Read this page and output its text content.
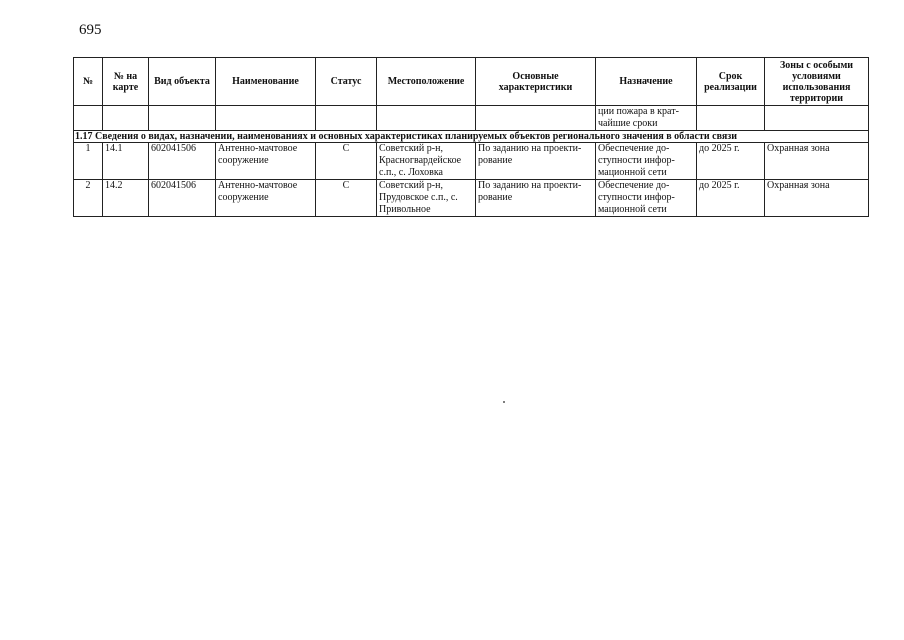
695
№	№ на карте	Вид объекта	Наименование	Статус	Местоположение	Основные характеристики	Назначение	Срок реализации	Зоны с особыми условиями использования территории
							ции пожара в крат-чайшие сроки		
1.17 Сведения о видах, назначении, наименованиях и основных характеристиках планируемых объектов регионального значения в области связи									
1	14.1	602041506	Антенно-мачтовое сооружение	С	Советский р-н, Красногвардейское с.п., с. Лоховка	По заданию на проекти-рование	Обеспечение до-ступности инфор-мационной сети	до 2025 г.	Охранная зона
2	14.2	602041506	Антенно-мачтовое сооружение	С	Советский р-н, Прудовское с.п., с. Привольное	По заданию на проекти-рование	Обеспечение до-ступности инфор-мационной сети	до 2025 г.	Охранная зона
